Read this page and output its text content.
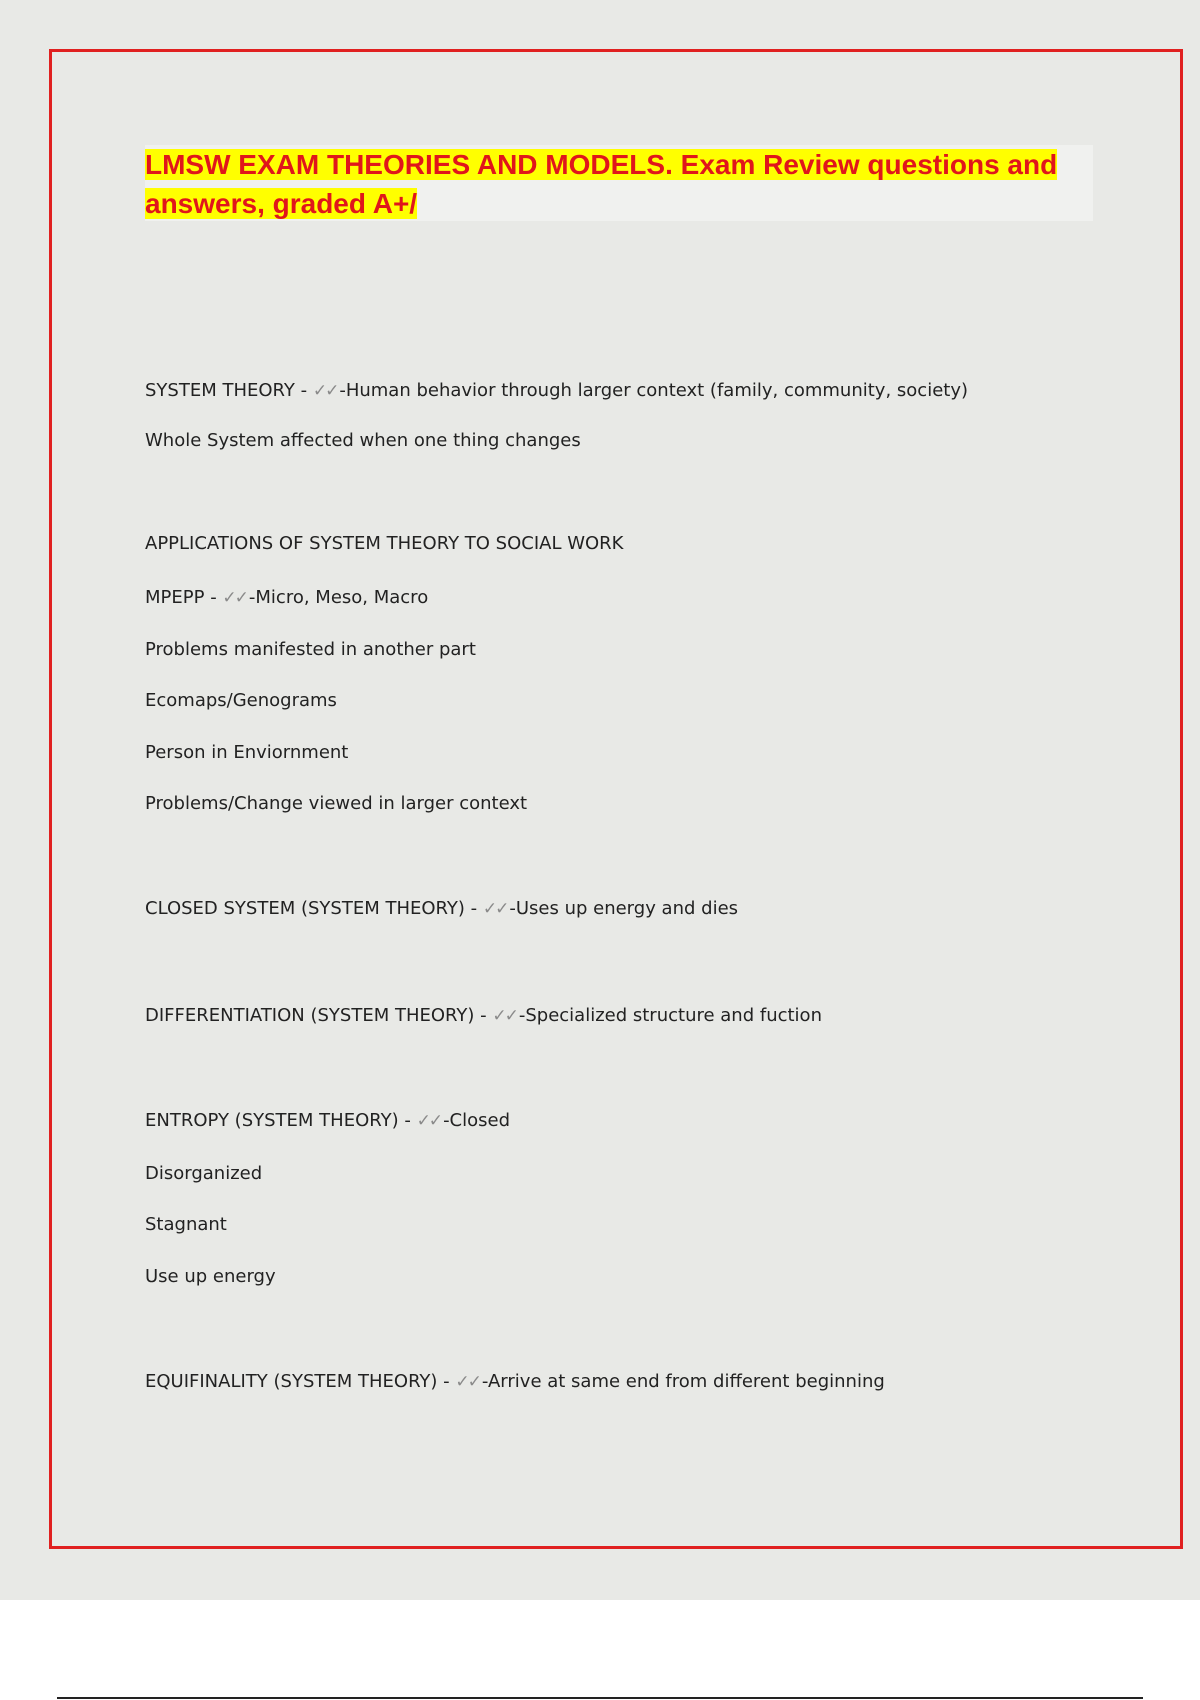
LMSW EXAM THEORIES AND MODELS. Exam Review questions and
answers, graded A+/
SYSTEM THEORY - ✓✓ -Human behavior through larger context (family, community, society)
Whole System affected when one thing changes
APPLICATIONS OF SYSTEM THEORY TO SOCIAL WORK
MPEPP - ✓✓ -Micro, Meso, Macro
Problems manifested in another part
Ecomaps/Genograms
Person in Enviornment
Problems/Change viewed in larger context
CLOSED SYSTEM (SYSTEM THEORY) - ✓✓ -Uses up energy and dies
DIFFERENTIATION (SYSTEM THEORY) - ✓✓ -Specialized structure and fuction
ENTROPY (SYSTEM THEORY) - ✓✓ -Closed
Disorganized
Stagnant
Use up energy
EQUIFINALITY (SYSTEM THEORY) - ✓✓ -Arrive at same end from different beginning
